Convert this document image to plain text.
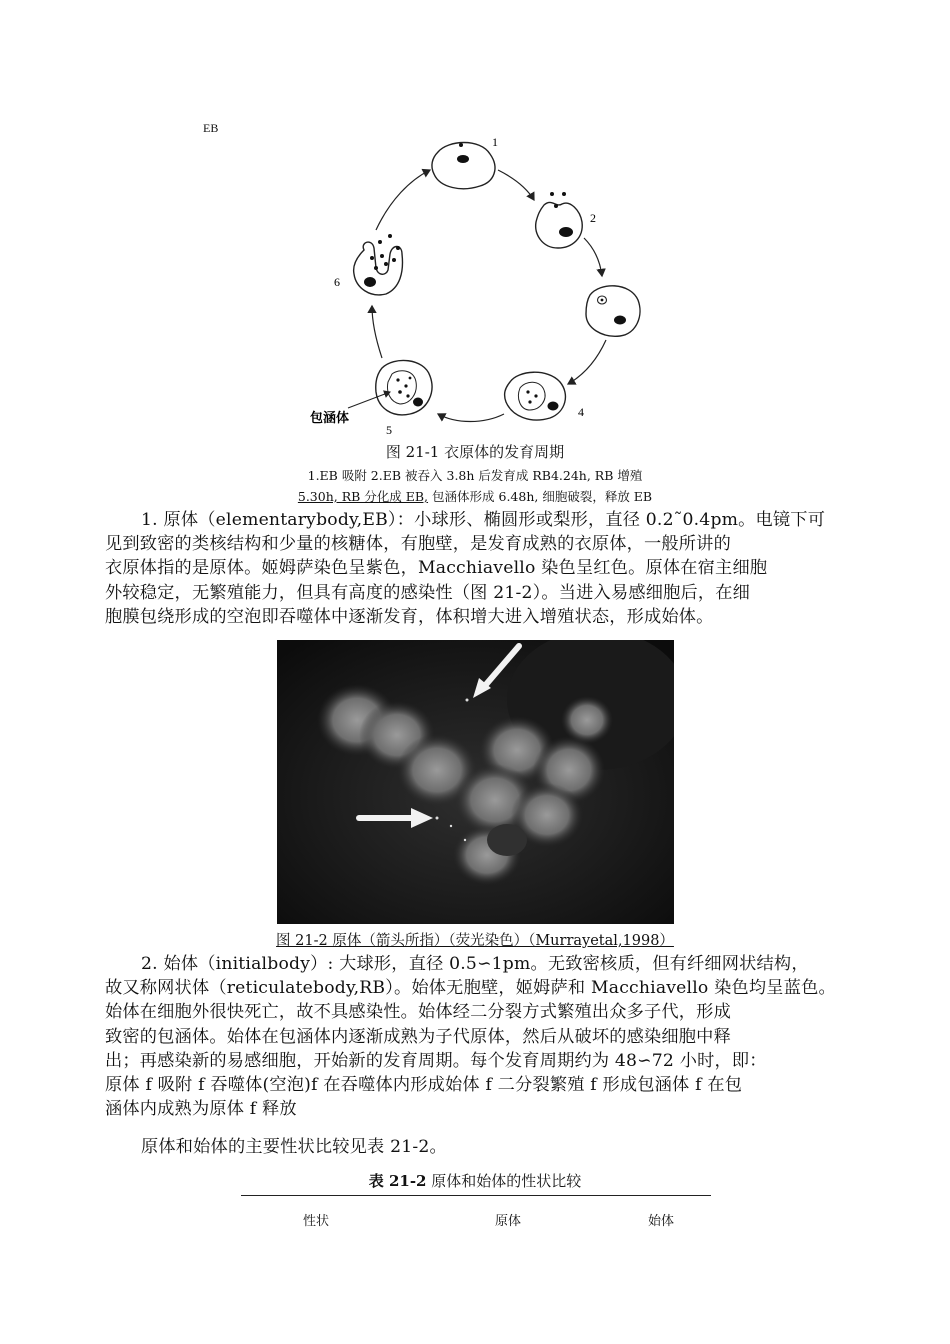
EB
1
2
4
5
6
包涵体
图 21-1 衣原体的发育周期
1.EB 吸附 2.EB 被吞入 3.8h 后发育成 RB4.24h, RB 增殖
5.30h, RB 分化成 EB, 包涵体形成 6.48h, 细胞破裂，释放 EB
1. 原体（elementarybody,EB）：小球形、椭圆形或梨形，直径 0.2˜0.4pm。电镜下可
见到致密的类核结构和少量的核糖体，有胞壁，是发育成熟的衣原体，一般所讲的
衣原体指的是原体。姬姆萨染色呈紫色，Macchiavello 染色呈红色。原体在宿主细胞
外较稳定，无繁殖能力，但具有高度的感染性（图 21-2）。当进入易感细胞后，在细
胞膜包绕形成的空泡即吞噬体中逐渐发育，体积增大进入增殖状态，形成始体。
图 21-2 原体（箭头所指）（荧光染色）（Murrayetal,1998）
2. 始体（initialbody）: 大球形，直径 0.5∽1pm。无致密核质，但有纤细网状结构，
故又称网状体（reticulatebody,RB）。始体无胞壁，姬姆萨和 Macchiavello 染色均呈蓝色。
始体在细胞外很快死亡，故不具感染性。始体经二分裂方式繁殖出众多子代，形成
致密的包涵体。始体在包涵体内逐渐成熟为子代原体，然后从破坏的感染细胞中释
出；再感染新的易感细胞，开始新的发育周期。每个发育周期约为 48∽72 小时，即：
原体 f 吸附 f 吞噬体(空泡)f 在吞噬体内形成始体 f 二分裂繁殖 f 形成包涵体 f 在包
涵体内成熟为原体 f 释放
原体和始体的主要性状比较见表 21-2。
表 21-2 原体和始体的性状比较
性状	原体	始体
